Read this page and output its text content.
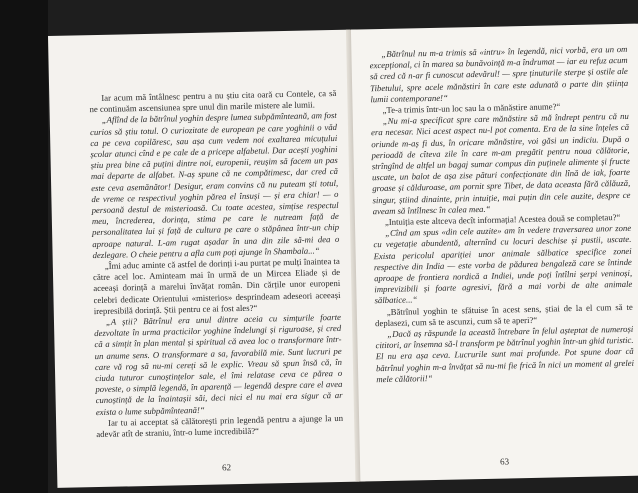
Iar acum mă întâlnesc pentru a nu știu cita oară cu Contele, ca să ne continuăm ascensiunea spre unul din marile mistere ale lumii.

„Aflînd de la bătrînul yoghin despre lumea subpămînteană, am fost curios să știu totul. O curiozitate de european pe care yoghinii o văd ca pe ceva copilăresc, sau așa cum vedem noi exaltarea micuțului școlar atunci cînd e pe cale de a pricepe alfabetul. Dar acești yoghini știu prea bine că puțini dintre noi, europenii, reușim să facem un pas mai departe de alfabet. N-aș spune că ne compătimesc, dar cred că este ceva asemănător! Desigur, eram convins că nu puteam ști totul, de vreme ce respectivul yoghin părea el însuși — și era chiar! — o persoană destul de misterioasă. Cu toate acestea, simțise respectul meu, încrederea, dorința, stima pe care le nutream față de personalitatea lui și față de cultura pe care o stăpânea într-un chip aproape natural. L-am rugat așadar în una din zile să-mi dea o dezlegare. O cheie pentru a afla cum poți ajunge în Shambala...“

„Îmi aduc aminte că astfel de dorinți i-au purtat pe mulți înaintea ta către acel loc. Aminteam mai în urmă de un Mircea Eliade și de aceeași dorință a marelui învățat român. Din cărțile unor europeni celebri dedicate Orientului «misterios» desprindeam adeseori aceeași irepresibilă dorință. Știi pentru ce ai fost ales?“

„A știi? Bătrînul era unul dintre aceia cu simțurile foarte dezvoltate în urma practicilor yoghine îndelungi și riguroase, și cred că a simțit în plan mental și spiritual că avea loc o transformare într-un anume sens. O transformare a sa, favorabilă mie. Sunt lucruri pe care vă rog să nu-mi cereți să le explic. Vreau să spun însă că, în ciuda tuturor cunoștințelor sale, el îmi relatase ceva ce părea o poveste, o simplă legendă, în aparență — legendă despre care el avea cunoștință de la înaintașii săi, deci nici el nu mai era sigur că ar exista o lume subpămînteană!“

Iar tu ai acceptat să călătorești prin legendă pentru a ajunge la un adevăr atît de straniu, într-o lume incredibilă?“

62

„Bătrînul nu m-a trimis să «intru» în legendă, nici vorbă, era un om excepțional, ci în marea sa bunăvoință m-a îndrumat — iar eu refuz acum să cred că n-ar fi cunoscut adevărul! — spre ținuturile sterpe și ostile ale Tibetului, spre acele mănăstiri în care este adunată o parte din știința lumii contemporane!“

„Te-a trimis într-un loc sau la o mănăstire anume?“

„Nu mi-a specificat spre care mănăstire să mă îndrept pentru că nu era necesar. Nici acest aspect nu-l pot comenta. Era de la sine înțeles că oriunde m-aș fi dus, în oricare mănăstire, voi găsi un indiciu. După o perioadă de cîteva zile în care m-am pregătit pentru noua călătorie, strîngînd de altfel un bagaj sumar compus din puținele alimente și fructe uscate, un balot de așa zise pături confecționate din lînă de iak, foarte groase și călduroase, am pornit spre Tibet, de data aceasta fără călăuză, singur, știind dinainte, prin intuiție, mai puțin din cele auzite, despre ce aveam să întîlnesc în calea mea.“

„Intuiția este altceva decît informația! Acestea două se completau?“

„Cînd am spus «din cele auzite» am în vedere traversarea unor zone cu vegetație abundentă, alternînd cu locuri deschise și pustii, uscate. Exista pericolul apariției unor animale sălbatice specifice zonei respective din India — este vorba de pădurea bengaleză care se întinde aproape de frontiera nordică a Indiei, unde poți întîlni șerpi veninoși, imprevizibili și foarte agresivi, fără a mai vorbi de alte animale sălbatice...“

„Bătrînul yoghin te sfătuise în acest sens, știai de la el cum să te deplasezi, cum să te ascunzi, cum să te aperi?“

„Dacă aș răspunde la această întrebare în felul așteptat de numeroși cititori, ar însemna să-l transform pe bătrînul yoghin într-un ghid turistic. El nu era așa ceva. Lucrurile sunt mai profunde. Pot spune doar că bătrînul yoghin m-a învățat să nu-mi fie frică în nici un moment al grelei mele călătorii!“

63
